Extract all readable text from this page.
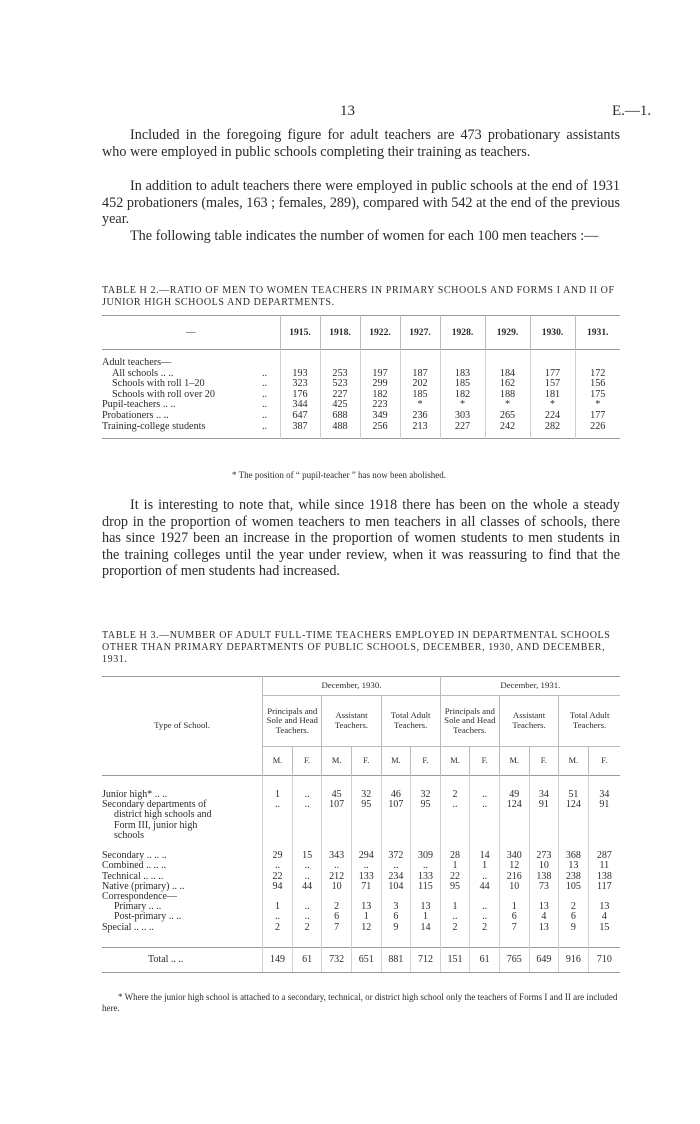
13	E.—1.

Included in the foregoing figure for adult teachers are 473 probationary assistants who were employed in public schools completing their training as teachers.

In addition to adult teachers there were employed in public schools at the end of 1931 452 probationers (males, 163 ; females, 289), compared with 542 at the end of the previous year.

The following table indicates the number of women for each 100 men teachers :—

TABLE H 2.—RATIO OF MEN TO WOMEN TEACHERS IN PRIMARY SCHOOLS AND FORMS I AND II OF JUNIOR HIGH SCHOOLS AND DEPARTMENTS.

—		1915.	1918.	1922.	1927.	1928.	1929.	1930.	1931.

Adult teachers—									
All schools .. ..	..	193	253	197	187	183	184	177	172
Schools with roll 1–20	..	323	523	299	202	185	162	157	156
Schools with roll over 20	..	176	227	182	185	182	188	181	175
Pupil-teachers .. ..	..	344	425	223	*	*	*	*	*
Probationers .. ..	..	647	688	349	236	303	265	224	177
Training-college students	..	387	488	256	213	227	242	282	226

* The position of “ pupil-teacher ” has now been abolished.

It is interesting to note that, while since 1918 there has been on the whole a steady drop in the proportion of women teachers to men teachers in all classes of schools, there has since 1927 been an increase in the proportion of women students to men students in the training colleges until the year under review, when it was reassuring to find that the proportion of men students had increased.

TABLE H 3.—NUMBER OF ADULT FULL-TIME TEACHERS EMPLOYED IN DEPARTMENTAL SCHOOLS OTHER THAN PRIMARY DEPARTMENTS OF PUBLIC SCHOOLS, DECEMBER, 1930, AND DECEMBER, 1931.

Type of School.	December, 1930.						December, 1931.					
	Principals and Sole and Head Teachers.		Assistant Teachers.		Total Adult Teachers.		Principals and Sole and Head Teachers.		Assistant Teachers.		Total Adult Teachers.	
	M.	F.	M.	F.	M.	F.	M.	F.	M.	F.	M.	F.

Junior high* .. ..	1	..	45	32	46	32	2	..	49	34	51	34
Secondary departments of	..	..	107	95	107	95	..	..	124	91	124	91
district high schools and												
Form III, junior high												
schools												

Secondary .. .. ..	29	15	343	294	372	309	28	14	340	273	368	287
Combined .. .. ..	..	..	..	..	..	..	1	1	12	10	13	11
Technical .. .. ..	22	..	212	133	234	133	22	..	216	138	238	138
Native (primary) .. ..	94	44	10	71	104	115	95	44	10	73	105	117
Correspondence—												
Primary .. ..	1	..	2	13	3	13	1	..	1	13	2	13
Post-primary .. ..	..	..	6	1	6	1	..	..	6	4	6	4
Special .. .. ..	2	2	7	12	9	14	2	2	7	13	9	15

Total .. ..	149	61	732	651	881	712	151	61	765	649	916	710

* Where the junior high school is attached to a secondary, technical, or district high school only the teachers of Forms I and II are included here.
